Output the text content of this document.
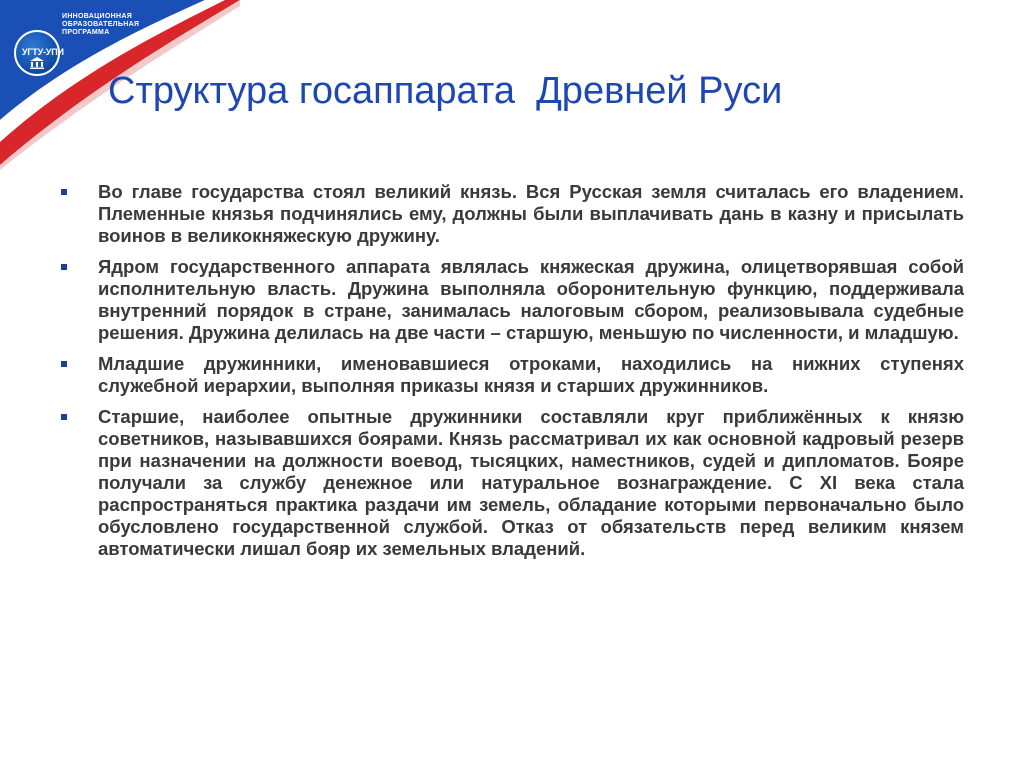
УГТУ-УПИ
ИННОВАЦИОННАЯ
ОБРАЗОВАТЕЛЬНАЯ
ПРОГРАММА
Структура госаппарата  Древней Руси

Во главе государства стоял великий князь. Вся Русская земля считалась его владением. Племенные князья подчинялись ему, должны были выплачивать дань в казну и присылать воинов в великокняжескую дружину.

Ядром государственного аппарата являлась княжеская дружина, олицетворявшая собой исполнительную власть. Дружина выполняла оборонительную функцию, поддерживала внутренний порядок в стране, занималась налоговым сбором, реализовывала судебные решения. Дружина делилась на две части – старшую, меньшую по численности, и младшую.

Младшие дружинники, именовавшиеся отроками, находились на нижних ступенях служебной иерархии, выполняя приказы князя и старших дружинников.

Старшие, наиболее опытные дружинники составляли круг приближённых к князю советников, называвшихся боярами. Князь рассматривал их как основной кадровый резерв при назначении на должности воевод, тысяцких, наместников, судей и дипломатов. Бояре получали за службу денежное или натуральное вознаграждение. С XI века стала распространяться практика раздачи им земель, обладание которыми первоначально было обусловлено государственной службой. Отказ от обязательств перед великим князем автоматически лишал бояр их земельных владений.
